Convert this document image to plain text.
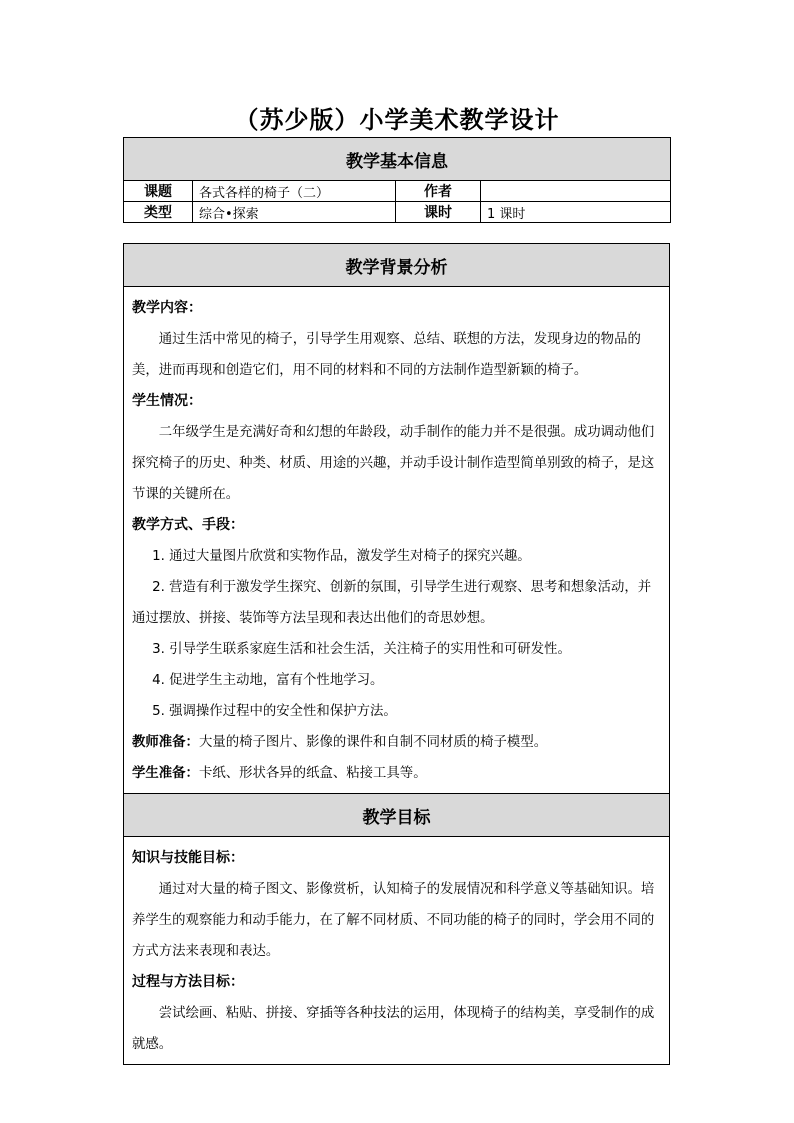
（苏少版）小学美术教学设计
教学基本信息			
课题	各式各样的椅子（二）	作者	
类型	综合•探索	课时	1 课时
教学背景分析

教学内容：
通过生活中常见的椅子，引导学生用观察、总结、联想的方法，发现身边的物品的美，进而再现和创造它们，用不同的材料和不同的方法制作造型新颖的椅子。
学生情况：
二年级学生是充满好奇和幻想的年龄段，动手制作的能力并不是很强。成功调动他们探究椅子的历史、种类、材质、用途的兴趣，并动手设计制作造型简单别致的椅子，是这节课的关键所在。
教学方式、手段：
1. 通过大量图片欣赏和实物作品，激发学生对椅子的探究兴趣。
2. 营造有利于激发学生探究、创新的氛围，引导学生进行观察、思考和想象活动，并通过摆放、拼接、装饰等方法呈现和表达出他们的奇思妙想。
3. 引导学生联系家庭生活和社会生活，关注椅子的实用性和可研发性。
4. 促进学生主动地，富有个性地学习。
5. 强调操作过程中的安全性和保护方法。
教师准备：大量的椅子图片、影像的课件和自制不同材质的椅子模型。
学生准备：卡纸、形状各异的纸盒、粘接工具等。

教学目标

知识与技能目标：
通过对大量的椅子图文、影像赏析，认知椅子的发展情况和科学意义等基础知识。培养学生的观察能力和动手能力，在了解不同材质、不同功能的椅子的同时，学会用不同的方式方法来表现和表达。
过程与方法目标：
尝试绘画、粘贴、拼接、穿插等各种技法的运用，体现椅子的结构美，享受制作的成就感。
